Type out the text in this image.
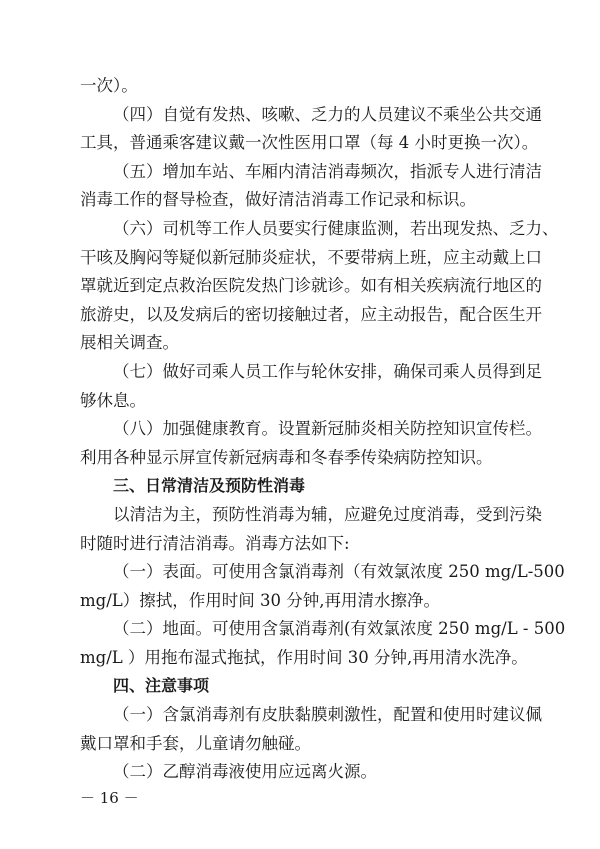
一次）。
（四）自觉有发热、咳嗽、乏力的人员建议不乘坐公共交通
工具，普通乘客建议戴一次性医用口罩（每 4 小时更换一次）。
（五）增加车站、车厢内清洁消毒频次，指派专人进行清洁
消毒工作的督导检查，做好清洁消毒工作记录和标识。
（六）司机等工作人员要实行健康监测，若出现发热、乏力、
干咳及胸闷等疑似新冠肺炎症状，不要带病上班，应主动戴上口
罩就近到定点救治医院发热门诊就诊。如有相关疾病流行地区的
旅游史，以及发病后的密切接触过者，应主动报告，配合医生开
展相关调查。
（七）做好司乘人员工作与轮休安排，确保司乘人员得到足
够休息。
（八）加强健康教育。设置新冠肺炎相关防控知识宣传栏。
利用各种显示屏宣传新冠病毒和冬春季传染病防控知识。
三、日常清洁及预防性消毒
以清洁为主，预防性消毒为辅，应避免过度消毒，受到污染
时随时进行清洁消毒。消毒方法如下:
（一）表面。可使用含氯消毒剂（有效氯浓度 250 mg/L-500
mg/L）擦拭，作用时间 30 分钟,再用清水擦净。
（二）地面。可使用含氯消毒剂(有效氯浓度 250 mg/L - 500
mg/L ）用拖布湿式拖拭，作用时间 30 分钟,再用清水洗净。
四、注意事项
（一）含氯消毒剂有皮肤黏膜刺激性，配置和使用时建议佩
戴口罩和手套，儿童请勿触碰。
（二）乙醇消毒液使用应远离火源。
－ 16 －
